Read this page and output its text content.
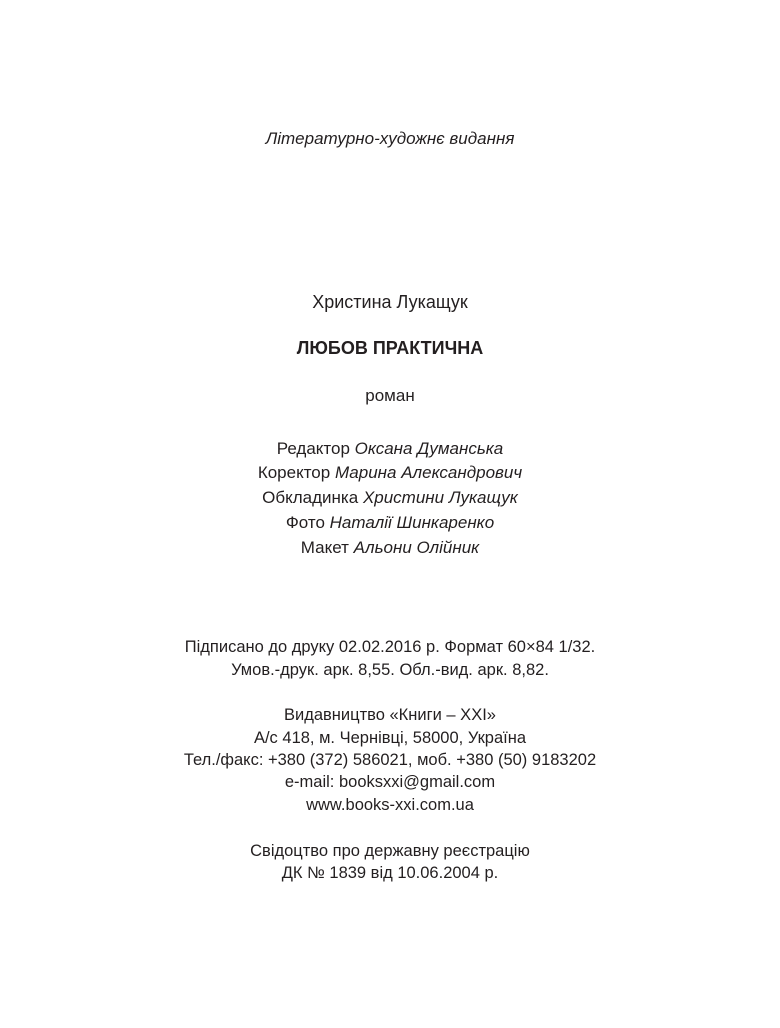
Літературно-художнє видання
Христина Лукащук
ЛЮБОВ ПРАКТИЧНА
роман
Редактор Оксана Думанська
Коректор Марина Александрович
Обкладинка Христини Лукащук
Фото Наталії Шинкаренко
Макет Альони Олійник
Підписано до друку 02.02.2016 р. Формат 60×84 1/32.
Умов.-друк. арк. 8,55. Обл.-вид. арк. 8,82.
Видавництво «Книги – ХХІ»
А/с 418, м. Чернівці, 58000, Україна
Тел./факс: +380 (372) 586021, моб. +380 (50) 9183202
e-mail: booksxxi@gmail.com
www.books-xxi.com.ua
Свідоцтво про державну реєстрацію
ДК № 1839 від 10.06.2004 р.
